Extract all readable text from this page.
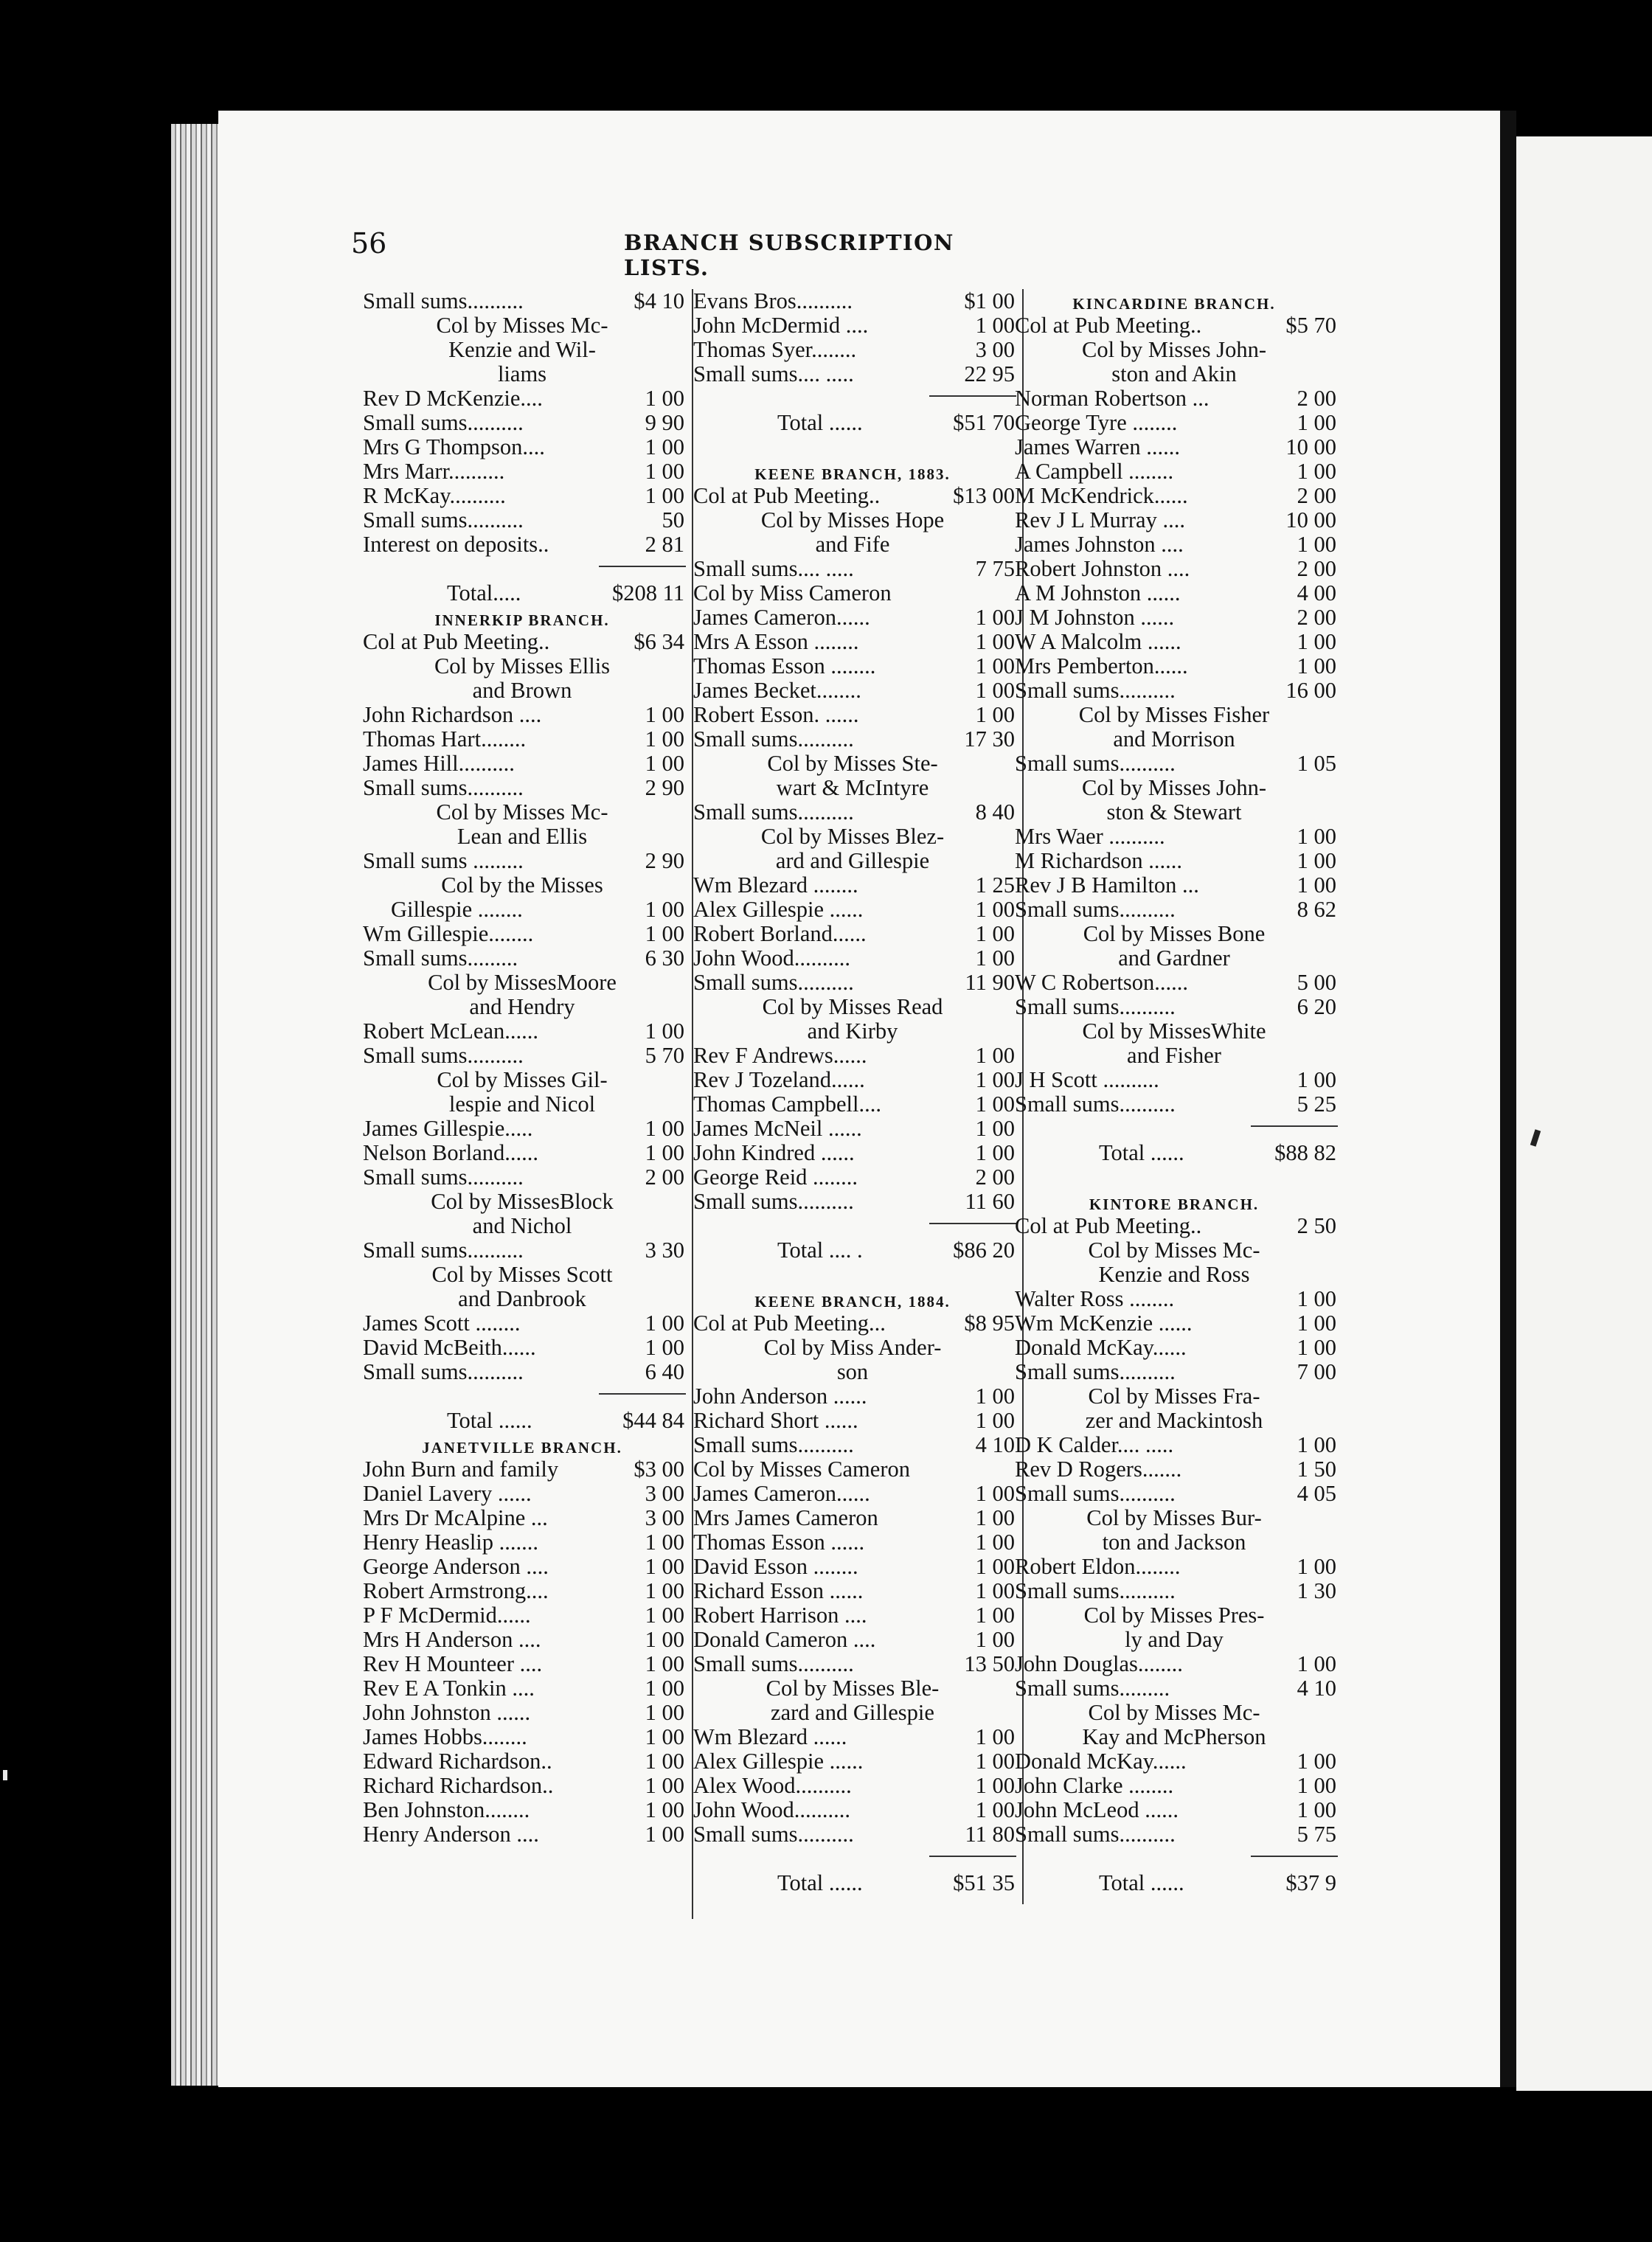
56	BRANCH SUBSCRIPTION LISTS.
Small sums..........	$4 10
Col by Misses Mc-
Kenzie and Wil-
liams
Rev D McKenzie....	1 00
Small sums..........	9 90
Mrs G Thompson....	1 00
Mrs Marr..........	1 00
R McKay..........	1 00
Small sums..........	50
Interest on deposits..	2 81
Total.....	$208 11
INNERKIP BRANCH.
Col at Pub Meeting..	$6 34
Col by Misses Ellis
and Brown
John Richardson ....	1 00
Thomas Hart........	1 00
James Hill..........	1 00
Small sums..........	2 90
Col by Misses Mc-
Lean and Ellis
Small sums .........	2 90
Col by the Misses
Gillespie ........	1 00
Wm Gillespie........	1 00
Small sums.........	6 30
Col by MissesMoore
and Hendry
Robert McLean......	1 00
Small sums..........	5 70
Col by Misses Gil-
lespie and Nicol
James Gillespie.....	1 00
Nelson Borland......	1 00
Small sums..........	2 00
Col by MissesBlock
and Nichol
Small sums..........	3 30
Col by Misses Scott
and Danbrook
James Scott ........	1 00
David McBeith......	1 00
Small sums..........	6 40
Total ......	$44 84
JANETVILLE BRANCH.
John Burn and family	$3 00
Daniel Lavery ......	3 00
Mrs Dr McAlpine ...	3 00
Henry Heaslip .......	1 00
George Anderson ....	1 00
Robert Armstrong....	1 00
P F McDermid......	1 00
Mrs H Anderson ....	1 00
Rev H Mounteer ....	1 00
Rev E A Tonkin ....	1 00
John Johnston ......	1 00
James Hobbs........	1 00
Edward Richardson..	1 00
Richard Richardson..	1 00
Ben Johnston........	1 00
Henry Anderson ....	1 00
Evans Bros..........	$1 00
John McDermid ....	1 00
Thomas Syer........	3 00
Small sums.... .....	22 95
Total ......	$51 70
KEENE BRANCH, 1883.
Col at Pub Meeting..	$13 00
Col by Misses Hope
and Fife
Small sums.... .....	7 75
Col by Miss Cameron
James Cameron......	1 00
Mrs A Esson ........	1 00
Thomas Esson ........	1 00
James Becket........	1 00
Robert Esson. ......	1 00
Small sums..........	17 30
Col by Misses Ste-
wart & McIntyre
Small sums..........	8 40
Col by Misses Blez-
ard and Gillespie
Wm Blezard ........	1 25
Alex Gillespie ......	1 00
Robert Borland......	1 00
John Wood..........	1 00
Small sums..........	11 90
Col by Misses Read
and Kirby
Rev F Andrews......	1 00
Rev J Tozeland......	1 00
Thomas Campbell....	1 00
James McNeil ......	1 00
John Kindred ......	1 00
George Reid ........	2 00
Small sums..........	11 60
Total .... .	$86 20
KEENE BRANCH, 1884.
Col at Pub Meeting...	$8 95
Col by Miss Ander-
son
John Anderson ......	1 00
Richard Short ......	1 00
Small sums..........	4 10
Col by Misses Cameron
James Cameron......	1 00
Mrs James Cameron	1 00
Thomas Esson ......	1 00
David Esson ........	1 00
Richard Esson ......	1 00
Robert Harrison ....	1 00
Donald Cameron ....	1 00
Small sums..........	13 50
Col by Misses Ble-
zard and Gillespie
Wm Blezard ......	1 00
Alex Gillespie ......	1 00
Alex Wood..........	1 00
John Wood..........	1 00
Small sums..........	11 80
Total ......	$51 35
KINCARDINE BRANCH.
Col at Pub Meeting..	$5 70
Col by Misses John-
ston and Akin
Norman Robertson ...	2 00
George Tyre ........	1 00
James Warren ......	10 00
A Campbell ........	1 00
M McKendrick......	2 00
Rev J L Murray ....	10 00
James Johnston ....	1 00
Robert Johnston ....	2 00
A M Johnston ......	4 00
J M Johnston ......	2 00
W A Malcolm ......	1 00
Mrs Pemberton......	1 00
Small sums..........	16 00
Col by Misses Fisher
and Morrison
Small sums..........	1 05
Col by Misses John-
ston & Stewart
Mrs Waer ..........	1 00
M Richardson ......	1 00
Rev J B Hamilton ...	1 00
Small sums..........	8 62
Col by Misses Bone
and Gardner
W C Robertson......	5 00
Small sums..........	6 20
Col by MissesWhite
and Fisher
J H Scott ..........	1 00
Small sums..........	5 25
Total ......	$88 82
KINTORE BRANCH.
Col at Pub Meeting..	2 50
Col by Misses Mc-
Kenzie and Ross
Walter Ross ........	1 00
Wm McKenzie ......	1 00
Donald McKay......	1 00
Small sums..........	7 00
Col by Misses Fra-
zer and Mackintosh
D K Calder.... .....	1 00
Rev D Rogers.......	1 50
Small sums..........	4 05
Col by Misses Bur-
ton and Jackson
Robert Eldon........	1 00
Small sums..........	1 30
Col by Misses Pres-
ly and Day
John Douglas........	1 00
Small sums.........	4 10
Col by Misses Mc-
Kay and McPherson
Donald McKay......	1 00
John Clarke ........	1 00
John McLeod ......	1 00
Small sums..........	5 75
Total ......	$37 9
